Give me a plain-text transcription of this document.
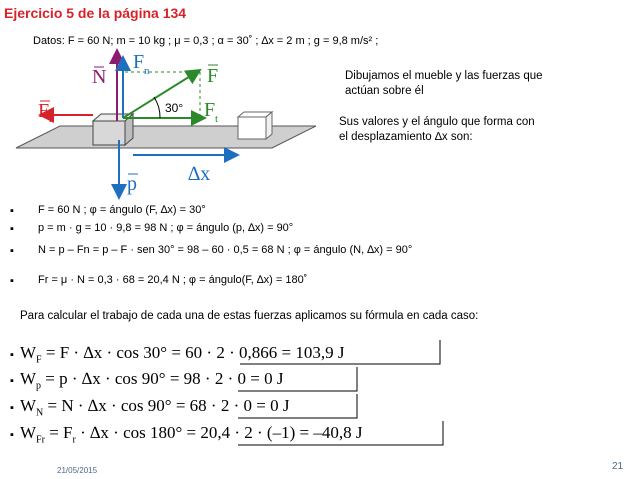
Ejercicio 5 de la página 134
Datos: F = 60 N; m = 10 kg ; μ = 0,3 ; α = 30˚ ; ∆x = 2 m ; g = 9,8 m/s² ;
N
F n	F
F r	F t
30°
p	∆x
Dibujamos el mueble y las fuerzas que
actúan sobre él
Sus valores y el ángulo que forma con
el desplazamiento ∆x son:
▪ F = 60 N ; φ = ángulo (F, ∆x) = 30°
▪ p = m · g = 10 · 9,8 = 98 N ; φ = ángulo (p, ∆x) = 90°
▪ N = p – Fn = p – F · sen 30° = 98 – 60 · 0,5 = 68 N ; φ = ángulo (N, ∆x) = 90°
▪ Fr = μ · N = 0,3 · 68 = 20,4 N ; φ = ángulo(F, ∆x) = 180˚
Para calcular el trabajo de cada una de estas fuerzas aplicamos su fórmula en cada caso:
▪ $W_F = F \cdot \Delta x \cdot \cos 30^\circ = 60 \cdot 2 \cdot 0,866 = 103,9$ J
▪ $W_p = p \cdot \Delta x \cdot \cos 90^\circ = 98 \cdot 2 \cdot 0 = 0$ J
▪ $W_N = N \cdot \Delta x \cdot \cos 90^\circ = 68 \cdot 2 \cdot 0 = 0$ J
▪ $W_{Fr} = F_r \cdot \Delta x \cdot \cos 180^\circ = 20,4 \cdot 2 \cdot (-1) = -40,8$ J
21/05/2015	21
